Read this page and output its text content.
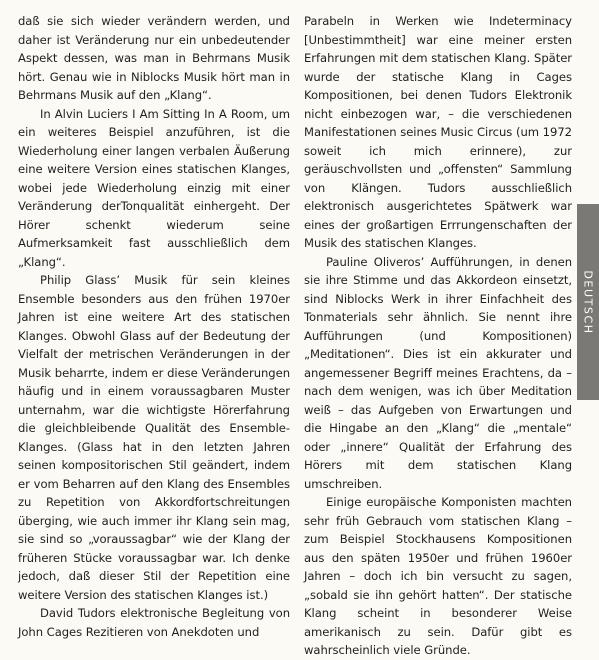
daß sie sich wieder verändern werden, und daher ist Veränderung nur ein unbedeutender Aspekt dessen, was man in Behrmans Musik hört. Genau wie in Niblocks Musik hört man in Behrmans Musik auf den „Klang“.

In Alvin Luciers I Am Sitting In A Room, um ein weiteres Beispiel anzuführen, ist die Wiederholung einer langen verbalen Äußerung eine weitere Version eines statischen Klanges, wobei jede Wiederholung einzig mit einer Veränderung derTonqualität einhergeht. Der Hörer schenkt wiederum seine Aufmerksamkeit fast ausschließlich dem „Klang“.

Philip Glass’ Musik für sein kleines Ensemble besonders aus den frühen 1970er Jahren ist eine weitere Art des statischen Klanges. Obwohl Glass auf der Bedeutung der Vielfalt der metrischen Veränderungen in der Musik beharrte, indem er diese Veränderungen häufig und in einem voraussagbaren Muster unternahm, war die wichtigste Hörerfahrung die gleichbleibende Qualität des Ensemble-Klanges. (Glass hat in den letzten Jahren seinen kompositorischen Stil geändert, indem er vom Beharren auf den Klang des Ensembles zu Repetition von Akkordfortschreitungen überging, wie auch immer ihr Klang sein mag, sie sind so „voraussagbar“ wie der Klang der früheren Stücke voraussagbar war. Ich denke jedoch, daß dieser Stil der Repetition eine weitere Version des statischen Klanges ist.)

David Tudors elektronische Begleitung von John Cages Rezitieren von Anekdoten und

Parabeln in Werken wie Indeterminacy [Unbestimmtheit] war eine meiner ersten Erfahrungen mit dem statischen Klang. Später wurde der statische Klang in Cages Kompositionen, bei denen Tudors Elektronik nicht einbezogen war, – die verschiedenen Manifestationen seines Music Circus (um 1972 soweit ich mich erinnere), zur geräuschvollsten und „offensten“ Sammlung von Klängen. Tudors ausschließlich elektronisch ausgerichtetes Spätwerk war eines der großartigen Errrungenschaften der Musik des statischen Klanges.

Pauline Oliveros’ Aufführungen, in denen sie ihre Stimme und das Akkordeon einsetzt, sind Niblocks Werk in ihrer Einfachheit des Tonmaterials sehr ähnlich. Sie nennt ihre Aufführungen (und Kompositionen) „Meditationen“. Dies ist ein akkurater und angemessener Begriff meines Erachtens, da – nach dem wenigen, was ich über Meditation weiß – das Aufgeben von Erwartungen und die Hingabe an den „Klang“ die „mentale“ oder „innere“ Qualität der Erfahrung des Hörers mit dem statischen Klang umschreiben.

Einige europäische Komponisten machten sehr früh Gebrauch vom statischen Klang – zum Beispiel Stockhausens Kompositionen aus den späten 1950er und frühen 1960er Jahren – doch ich bin versucht zu sagen, „sobald sie ihn gehört hatten“. Der statische Klang scheint in besonderer Weise amerikanisch zu sein. Dafür gibt es wahrscheinlich viele Gründe.

DEUTSCH
